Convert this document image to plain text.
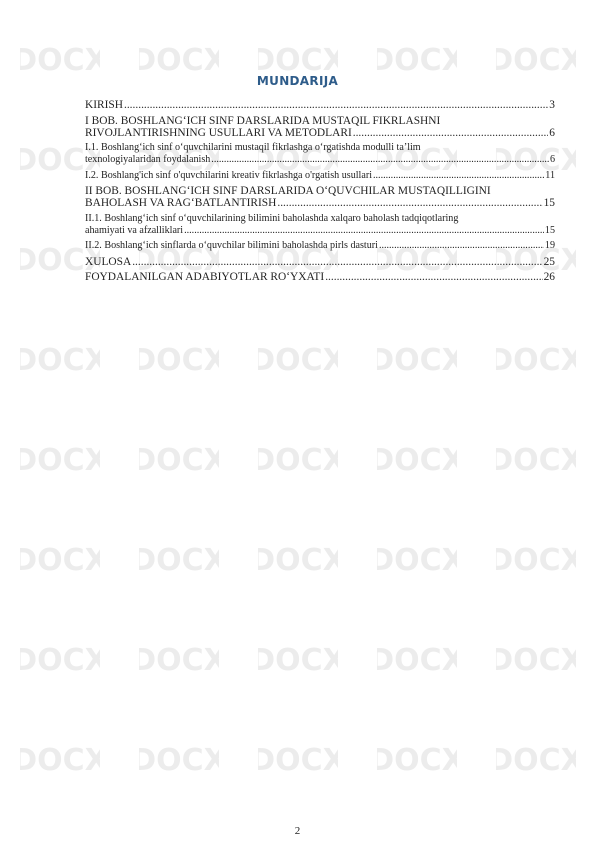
DOCX DOCX DOCX DOCX DOCX
DOCX DOCX DOCX DOCX DOCX
DOCX DOCX DOCX DOCX DOCX
DOCX DOCX DOCX DOCX DOCX
DOCX DOCX DOCX DOCX DOCX
DOCX DOCX DOCX DOCX DOCX
DOCX DOCX DOCX DOCX DOCX
DOCX DOCX DOCX DOCX DOCX
MUNDARIJA
KIRISH .....	3
I BOB. BOSHLANG‘ICH SINF DARSLARIDA MUSTAQIL FIKRLASHNI
RIVOJLANTIRISHNING USULLARI VA METODLARI .....	6
I.1. Boshlang‘ich sinf o‘quvchilarini mustaqil fikrlashga o‘rgatishda modulli ta’lim
texnologiyalaridan foydalanish .....	6
I.2. Boshlang'ich sinf o'quvchilarini kreativ fikrlashga o'rgatish usullari .....	11
II BOB. BOSHLANG‘ICH SINF DARSLARIDA O‘QUVCHILAR MUSTAQILLIGINI
BAHOLASH VA RAG‘BATLANTIRISH .....	15
II.1. Boshlang‘ich sinf o‘quvchilarining bilimini baholashda xalqaro baholash tadqiqotlaring
ahamiyati va afzalliklari .....	15
II.2. Boshlang‘ich sinflarda o‘quvchilar bilimini baholashda pirls dasturi .....	19
XULOSA .....	25
FOYDALANILGAN ADABIYOTLAR RO‘YXATI .....	26

2
